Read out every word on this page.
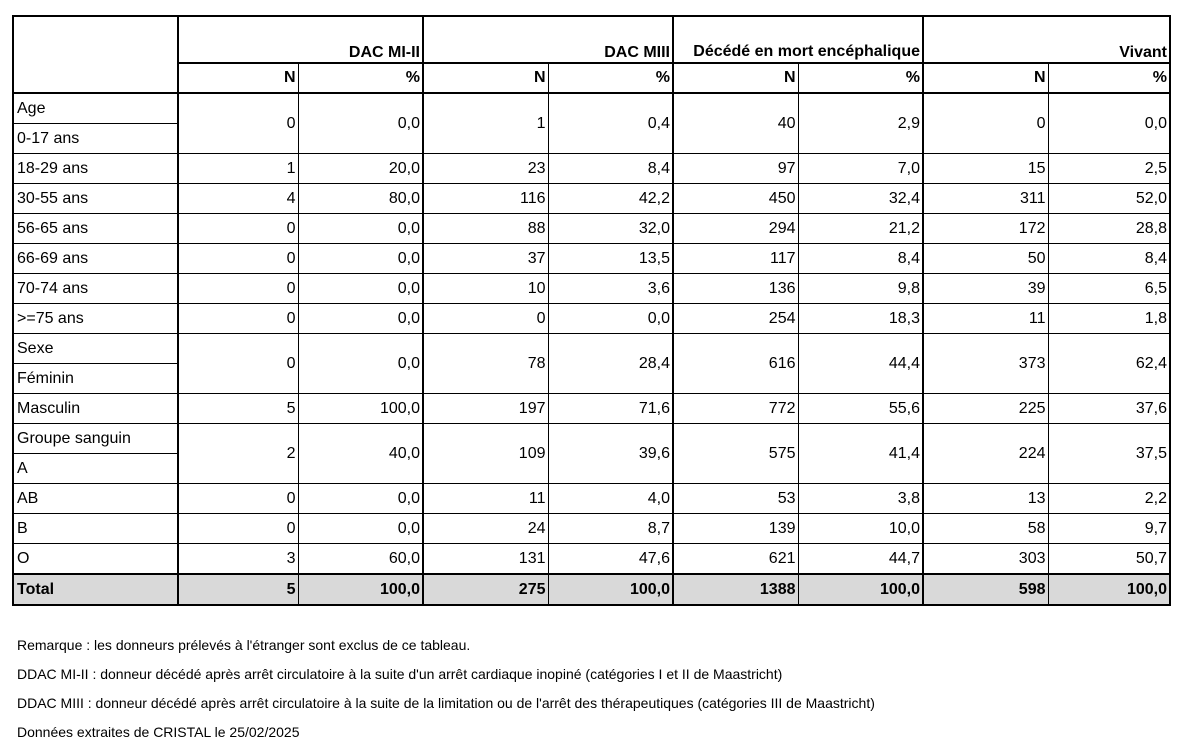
	DAC MI-II		DAC MIII		Décédé en mort encéphalique		Vivant	
	N	%	N	%	N	%	N	%

Age
0-17 ans	0	0,0	1	0,4	40	2,9	0	0,0
18-29 ans	1	20,0	23	8,4	97	7,0	15	2,5
30-55 ans	4	80,0	116	42,2	450	32,4	311	52,0
56-65 ans	0	0,0	88	32,0	294	21,2	172	28,8
66-69 ans	0	0,0	37	13,5	117	8,4	50	8,4
70-74 ans	0	0,0	10	3,6	136	9,8	39	6,5
>=75 ans	0	0,0	0	0,0	254	18,3	11	1,8

Sexe
Féminin	0	0,0	78	28,4	616	44,4	373	62,4
Masculin	5	100,0	197	71,6	772	55,6	225	37,6

Groupe sanguin
A	2	40,0	109	39,6	575	41,4	224	37,5
AB	0	0,0	11	4,0	53	3,8	13	2,2
B	0	0,0	24	8,7	139	10,0	58	9,7
O	3	60,0	131	47,6	621	44,7	303	50,7
Total	5	100,0	275	100,0	1388	100,0	598	100,0
Remarque : les donneurs prélevés à l'étranger sont exclus de ce tableau.
DDAC MI-II : donneur décédé après arrêt circulatoire à la suite d'un arrêt cardiaque inopiné (catégories I et II de Maastricht)
DDAC MIII : donneur décédé après arrêt circulatoire à la suite de la limitation ou de l'arrêt des thérapeutiques (catégories III de Maastricht)
Données extraites de CRISTAL le 25/02/2025
